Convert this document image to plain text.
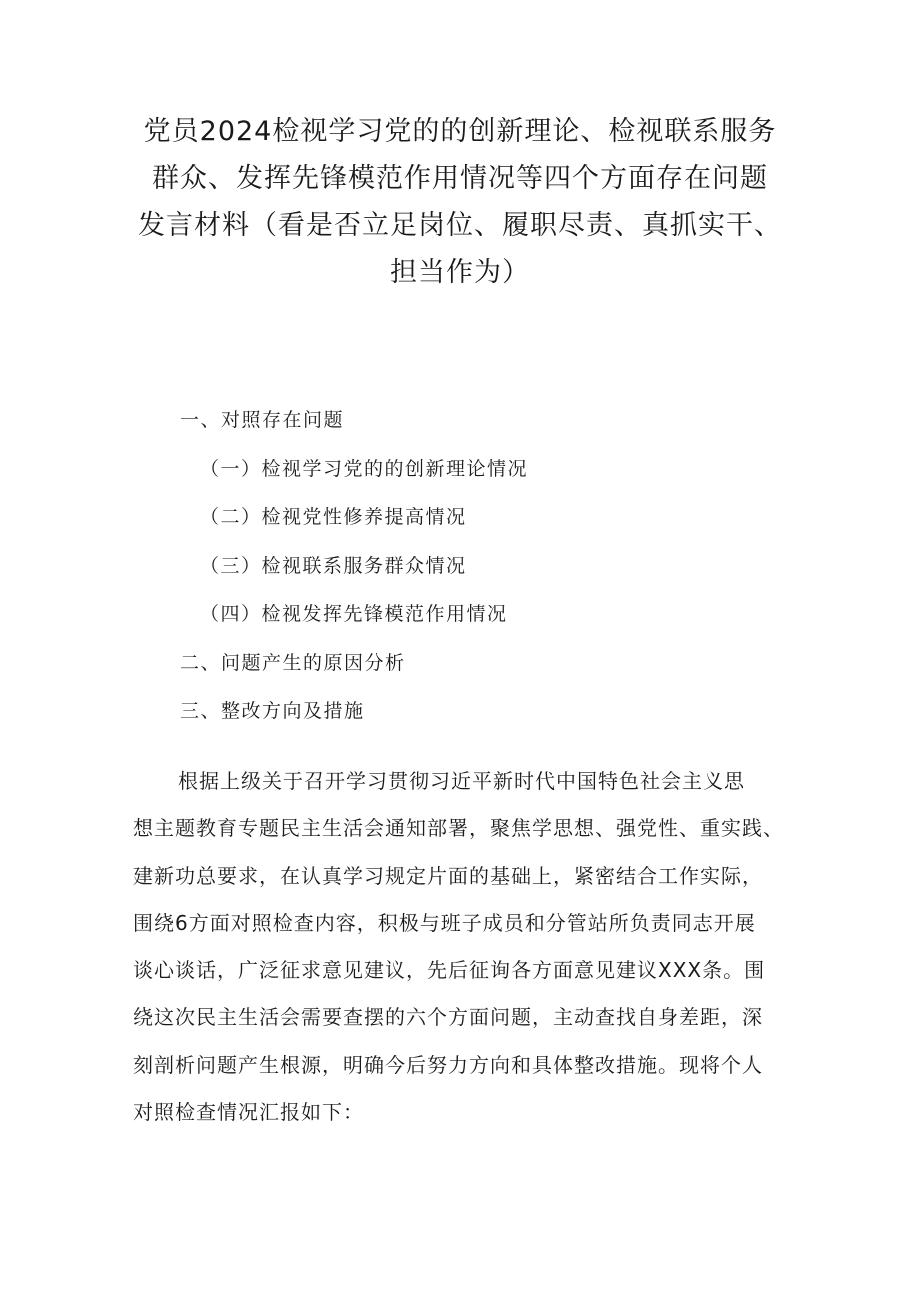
党员2024检视学习党的的创新理论、检视联系服务
群众、发挥先锋模范作用情况等四个方面存在问题
发言材料（看是否立足岗位、履职尽责、真抓实干、
担当作为）
一、对照存在问题
（一）检视学习党的的创新理论情况
（二）检视党性修养提高情况
（三）检视联系服务群众情况
（四）检视发挥先锋模范作用情况
二、问题产生的原因分析
三、整改方向及措施

根据上级关于召开学习贯彻习近平新时代中国特色社会主义思
想主题教育专题民主生活会通知部署，聚焦学思想、强党性、重实践、
建新功总要求，在认真学习规定片面的基础上，紧密结合工作实际，
围绕6方面对照检查内容，积极与班子成员和分管站所负责同志开展
谈心谈话，广泛征求意见建议，先后征询各方面意见建议XXX条。围
绕这次民主生活会需要查摆的六个方面问题，主动查找自身差距，深
刻剖析问题产生根源，明确今后努力方向和具体整改措施。现将个人
对照检查情况汇报如下：
